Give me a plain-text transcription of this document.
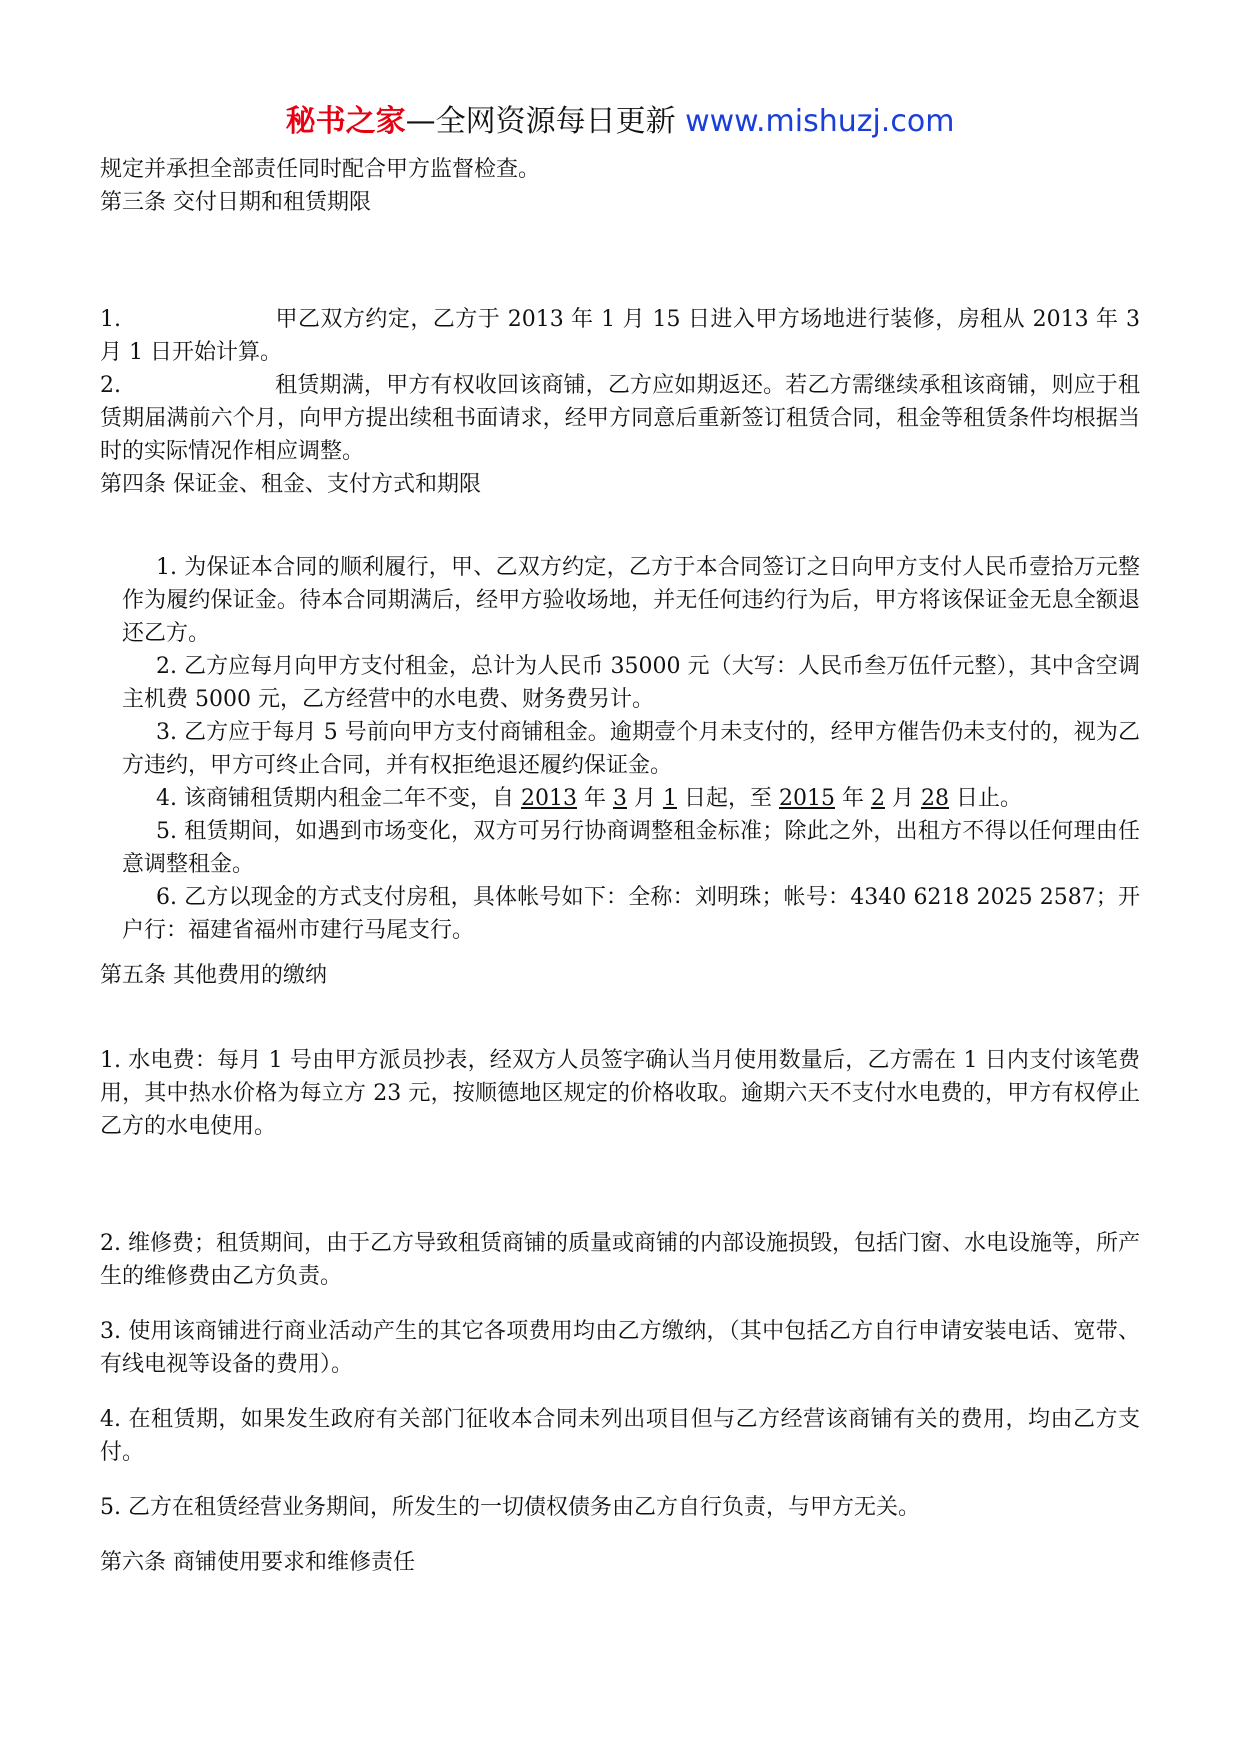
秘书之家—全网资源每日更新 www.mishuzj.com

规定并承担全部责任同时配合甲方监督检查。

第三条 交付日期和租赁期限

1.	甲乙双方约定，乙方于 2013 年 1 月 15 日进入甲方场地进行装修，房租从 2013 年 3 月 1 日开始计算。

2.	租赁期满，甲方有权收回该商铺，乙方应如期返还。若乙方需继续承租该商铺，则应于租赁期届满前六个月，向甲方提出续租书面请求，经甲方同意后重新签订租赁合同，租金等租赁条件均根据当时的实际情况作相应调整。

第四条 保证金、租金、支付方式和期限

1. 为保证本合同的顺利履行，甲、乙双方约定，乙方于本合同签订之日向甲方支付人民币壹拾万元整作为履约保证金。待本合同期满后，经甲方验收场地，并无任何违约行为后，甲方将该保证金无息全额退还乙方。

2. 乙方应每月向甲方支付租金，总计为人民币 35000 元（大写：人民币叁万伍仟元整），其中含空调主机费 5000 元，乙方经营中的水电费、财务费另计。

3. 乙方应于每月 5 号前向甲方支付商铺租金。逾期壹个月未支付的，经甲方催告仍未支付的，视为乙方违约，甲方可终止合同，并有权拒绝退还履约保证金。

4. 该商铺租赁期内租金二年不变，自 2013 年 3 月 1 日起，至 2015 年 2 月 28 日止。

5. 租赁期间，如遇到市场变化，双方可另行协商调整租金标准；除此之外，出租方不得以任何理由任意调整租金。

6. 乙方以现金的方式支付房租，具体帐号如下：全称：刘明珠；帐号：4340 6218 2025 2587；开户行：福建省福州市建行马尾支行。

第五条 其他费用的缴纳

1. 水电费：每月 1 号由甲方派员抄表，经双方人员签字确认当月使用数量后，乙方需在 1 日内支付该笔费用，其中热水价格为每立方 23 元，按顺德地区规定的价格收取。逾期六天不支付水电费的，甲方有权停止乙方的水电使用。

2. 维修费；租赁期间，由于乙方导致租赁商铺的质量或商铺的内部设施损毁，包括门窗、水电设施等，所产生的维修费由乙方负责。

3. 使用该商铺进行商业活动产生的其它各项费用均由乙方缴纳，（其中包括乙方自行申请安装电话、宽带、有线电视等设备的费用）。

4. 在租赁期，如果发生政府有关部门征收本合同未列出项目但与乙方经营该商铺有关的费用，均由乙方支付。

5. 乙方在租赁经营业务期间，所发生的一切债权债务由乙方自行负责，与甲方无关。

第六条 商铺使用要求和维修责任
